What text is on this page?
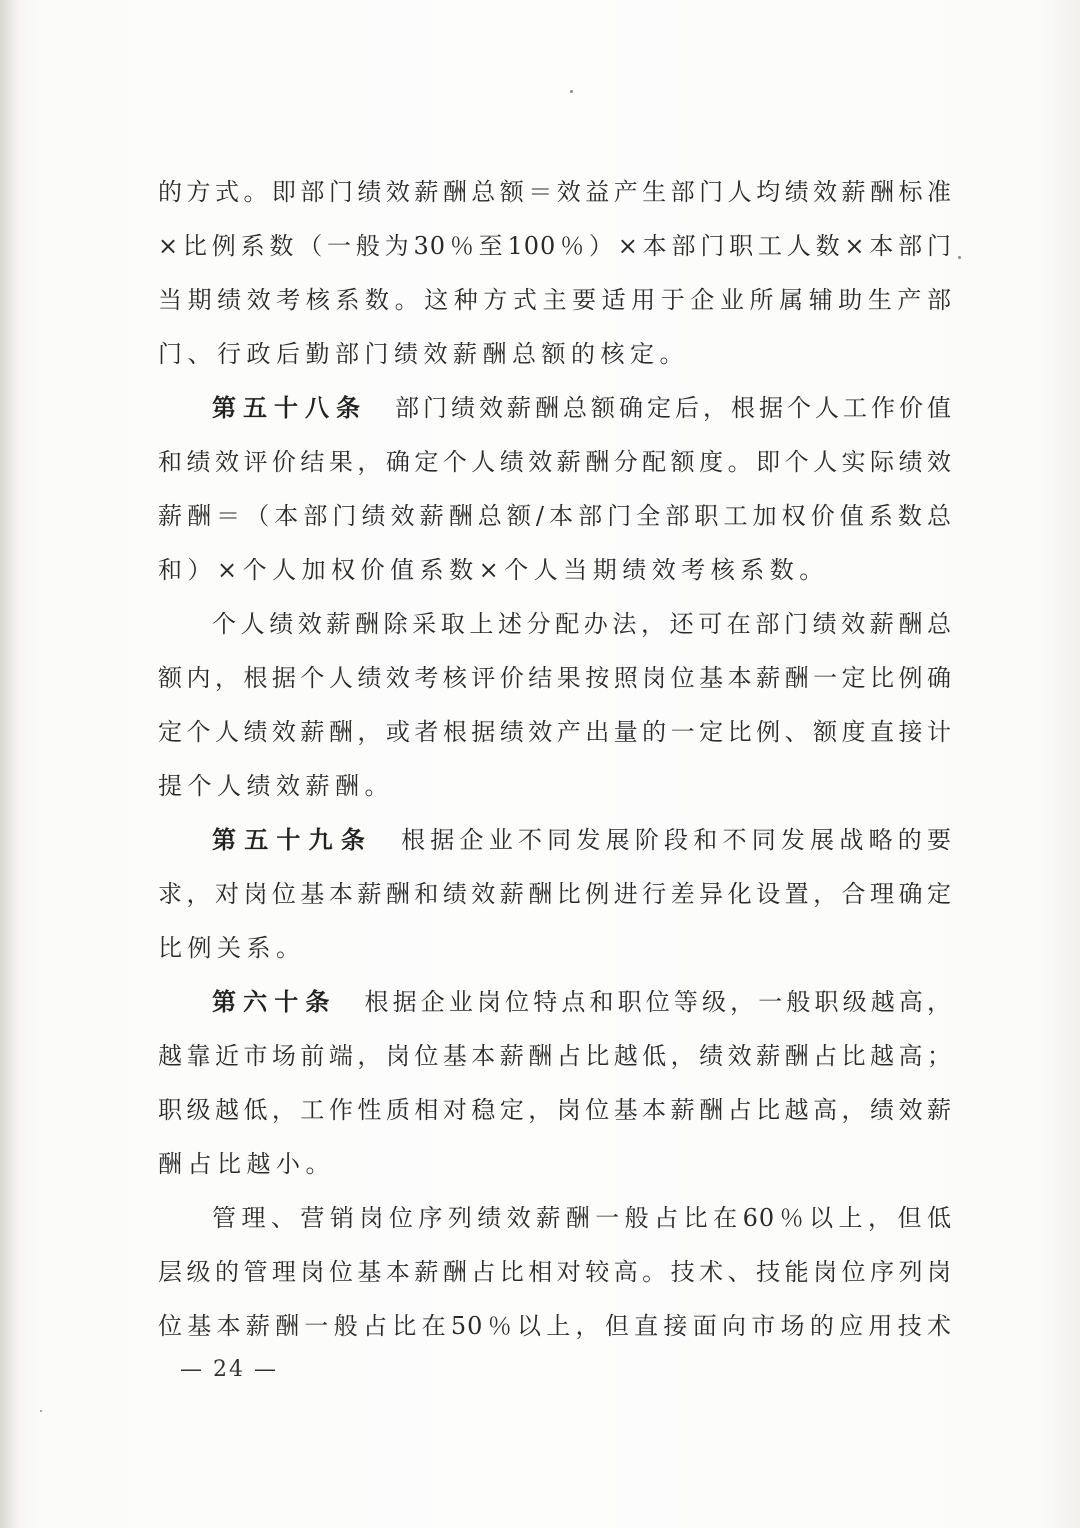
的方式。即部门绩效薪酬总额＝效益产生部门人均绩效薪酬标准
×比例系数（一般为30％至100％）×本部门职工人数×本部门
当期绩效考核系数。这种方式主要适用于企业所属辅助生产部
门、行政后勤部门绩效薪酬总额的核定。
第五十八条 部门绩效薪酬总额确定后，根据个人工作价值
和绩效评价结果，确定个人绩效薪酬分配额度。即个人实际绩效
薪酬＝（本部门绩效薪酬总额/本部门全部职工加权价值系数总
和）×个人加权价值系数×个人当期绩效考核系数。
个人绩效薪酬除采取上述分配办法，还可在部门绩效薪酬总
额内，根据个人绩效考核评价结果按照岗位基本薪酬一定比例确
定个人绩效薪酬，或者根据绩效产出量的一定比例、额度直接计
提个人绩效薪酬。
第五十九条 根据企业不同发展阶段和不同发展战略的要
求，对岗位基本薪酬和绩效薪酬比例进行差异化设置，合理确定
比例关系。
第六十条 根据企业岗位特点和职位等级，一般职级越高，
越靠近市场前端，岗位基本薪酬占比越低，绩效薪酬占比越高；
职级越低，工作性质相对稳定，岗位基本薪酬占比越高，绩效薪
酬占比越小。
管理、营销岗位序列绩效薪酬一般占比在60％以上，但低
层级的管理岗位基本薪酬占比相对较高。技术、技能岗位序列岗
位基本薪酬一般占比在50％以上，但直接面向市场的应用技术
— 24 —
